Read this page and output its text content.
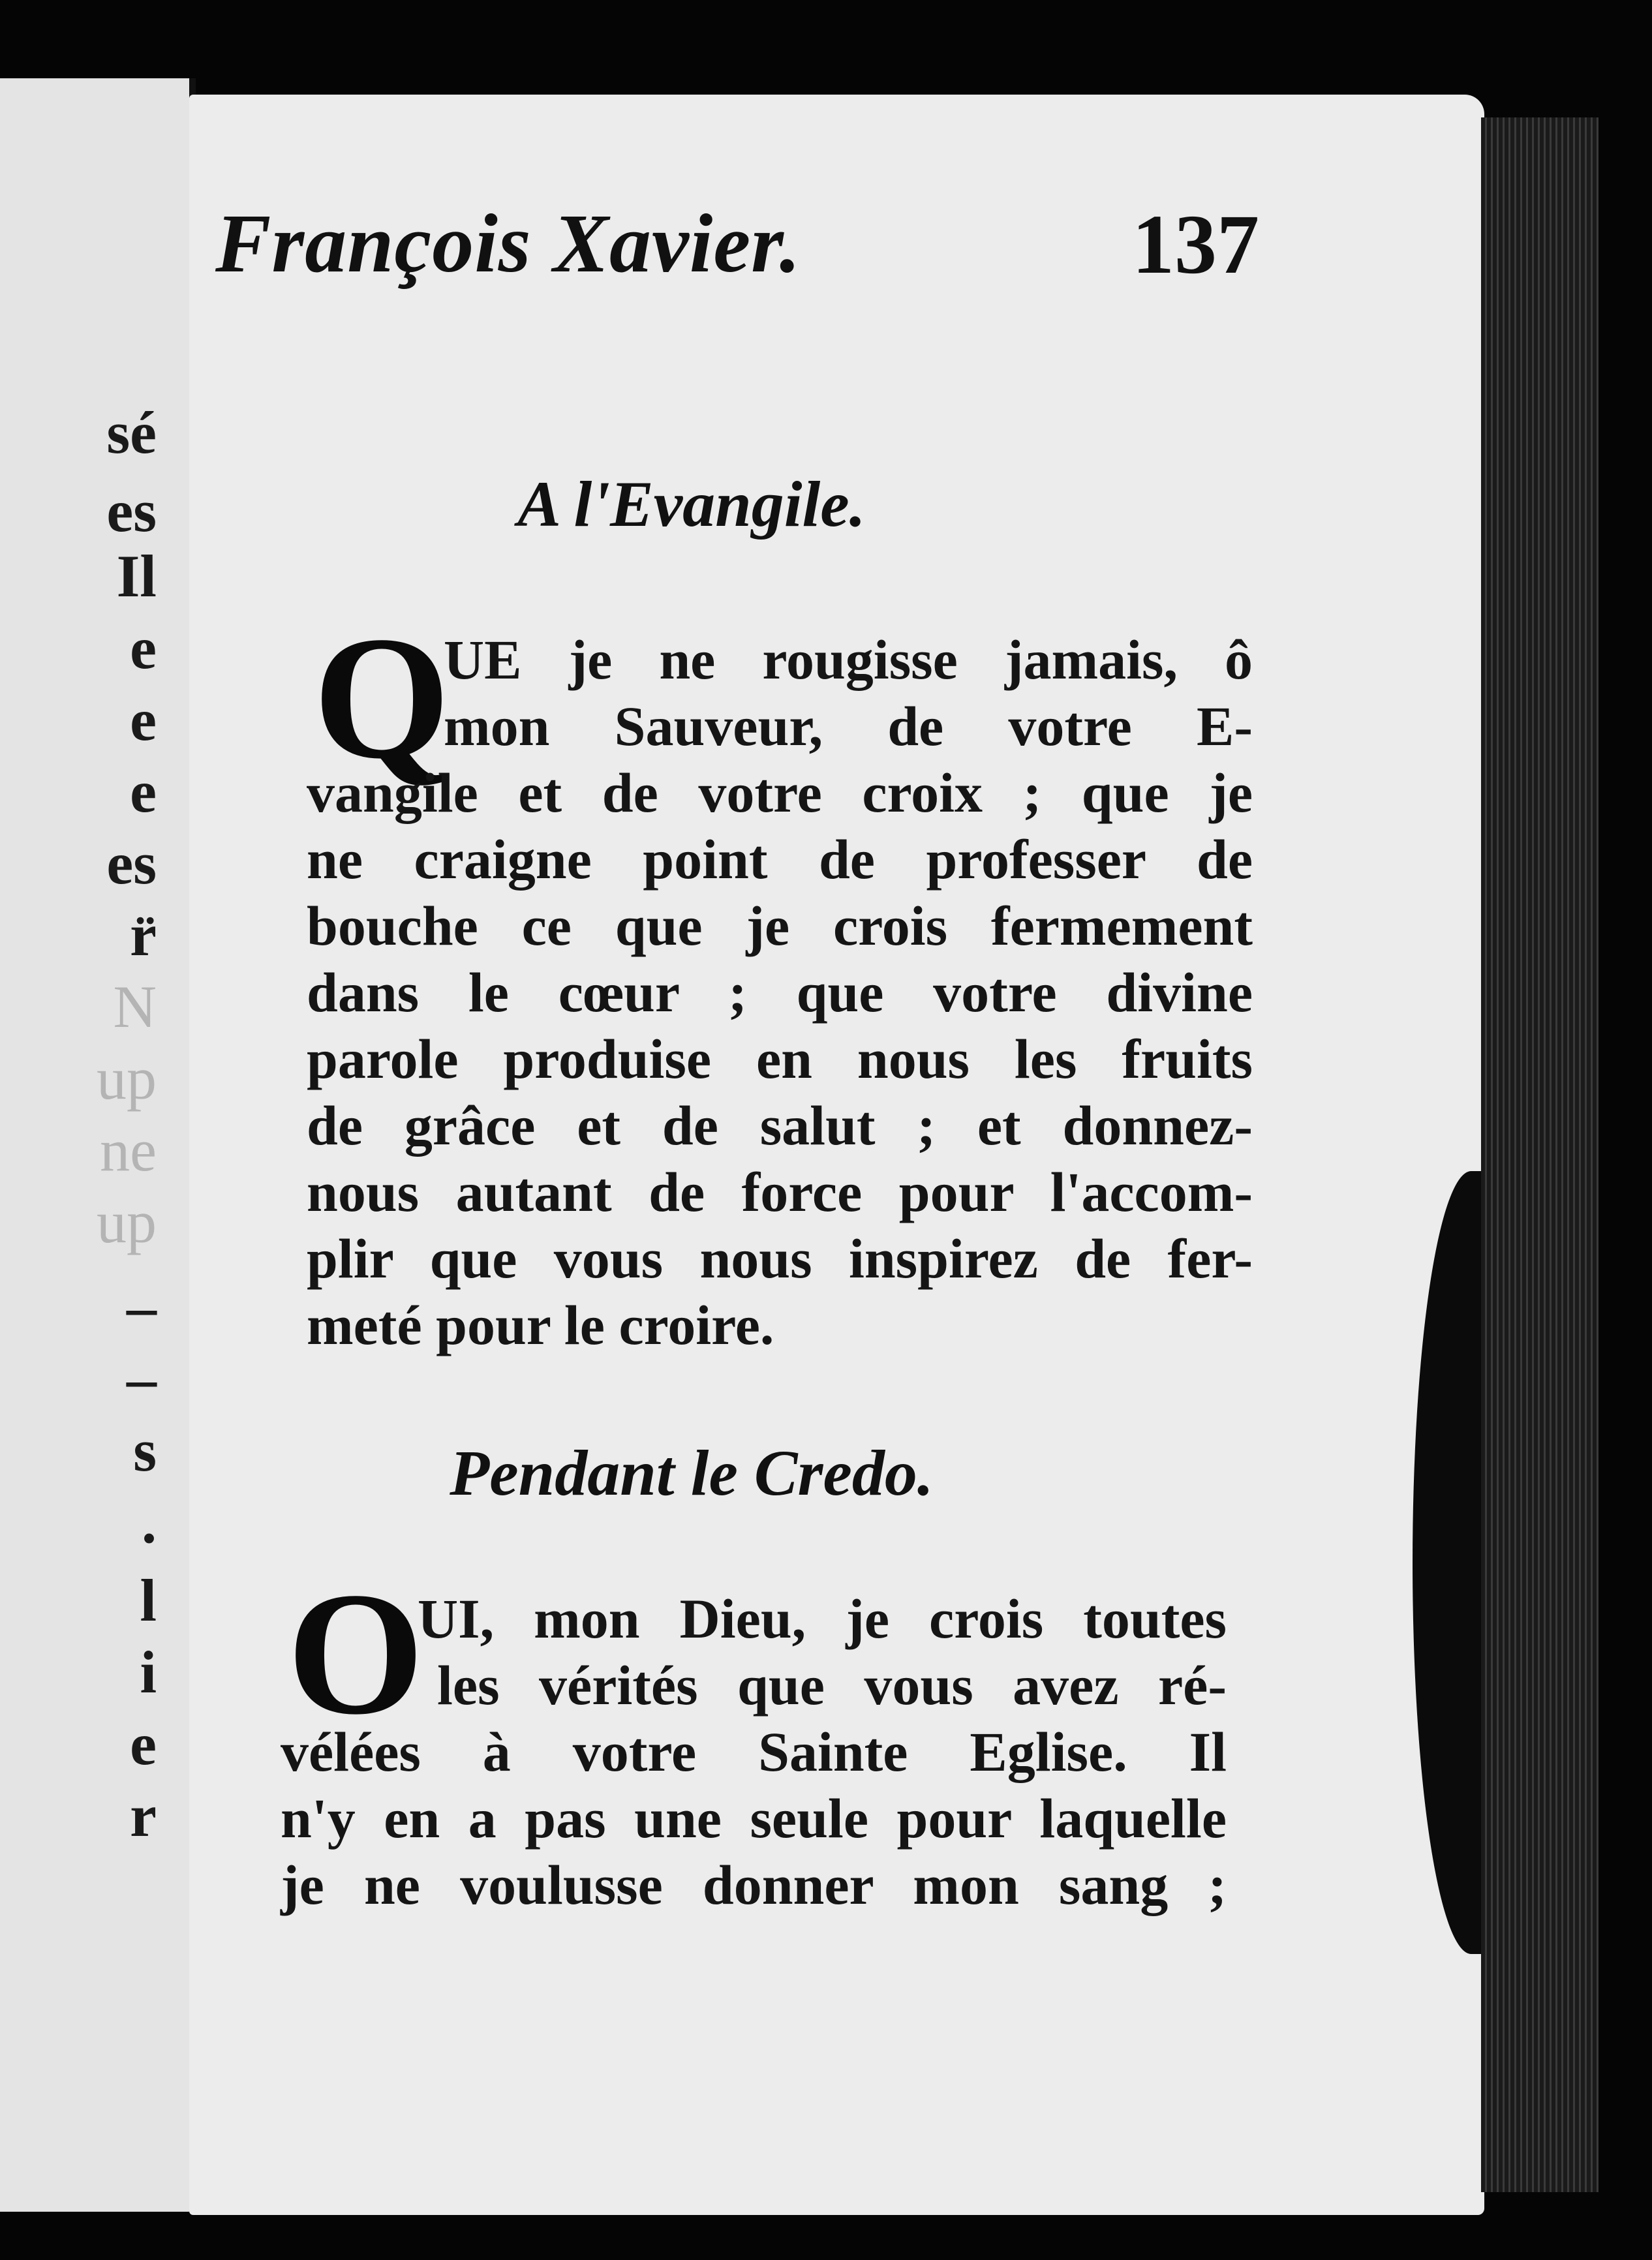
sé
es
Il
e
e
e
es
r̈
N
up
ne
up
–
–
s
.
l
i
e
r
François Xavier.	137
A l'Evangile.
Q
UE je ne rougisse jamais, ô
mon Sauveur, de votre E-
vangile et de votre croix ; que je
ne craigne point de professer de
bouche ce que je crois fermement
dans le cœur ; que votre divine
parole produise en nous les fruits
de grâce et de salut ; et donnez-
nous autant de force pour l'accom-
plir que vous nous inspirez de fer-
meté pour le croire.
Pendant le Credo.
O
UI, mon Dieu, je crois toutes
les vérités que vous avez ré-
vélées à votre Sainte Eglise. Il
n'y en a pas une seule pour laquelle
je ne voulusse donner mon sang ;
